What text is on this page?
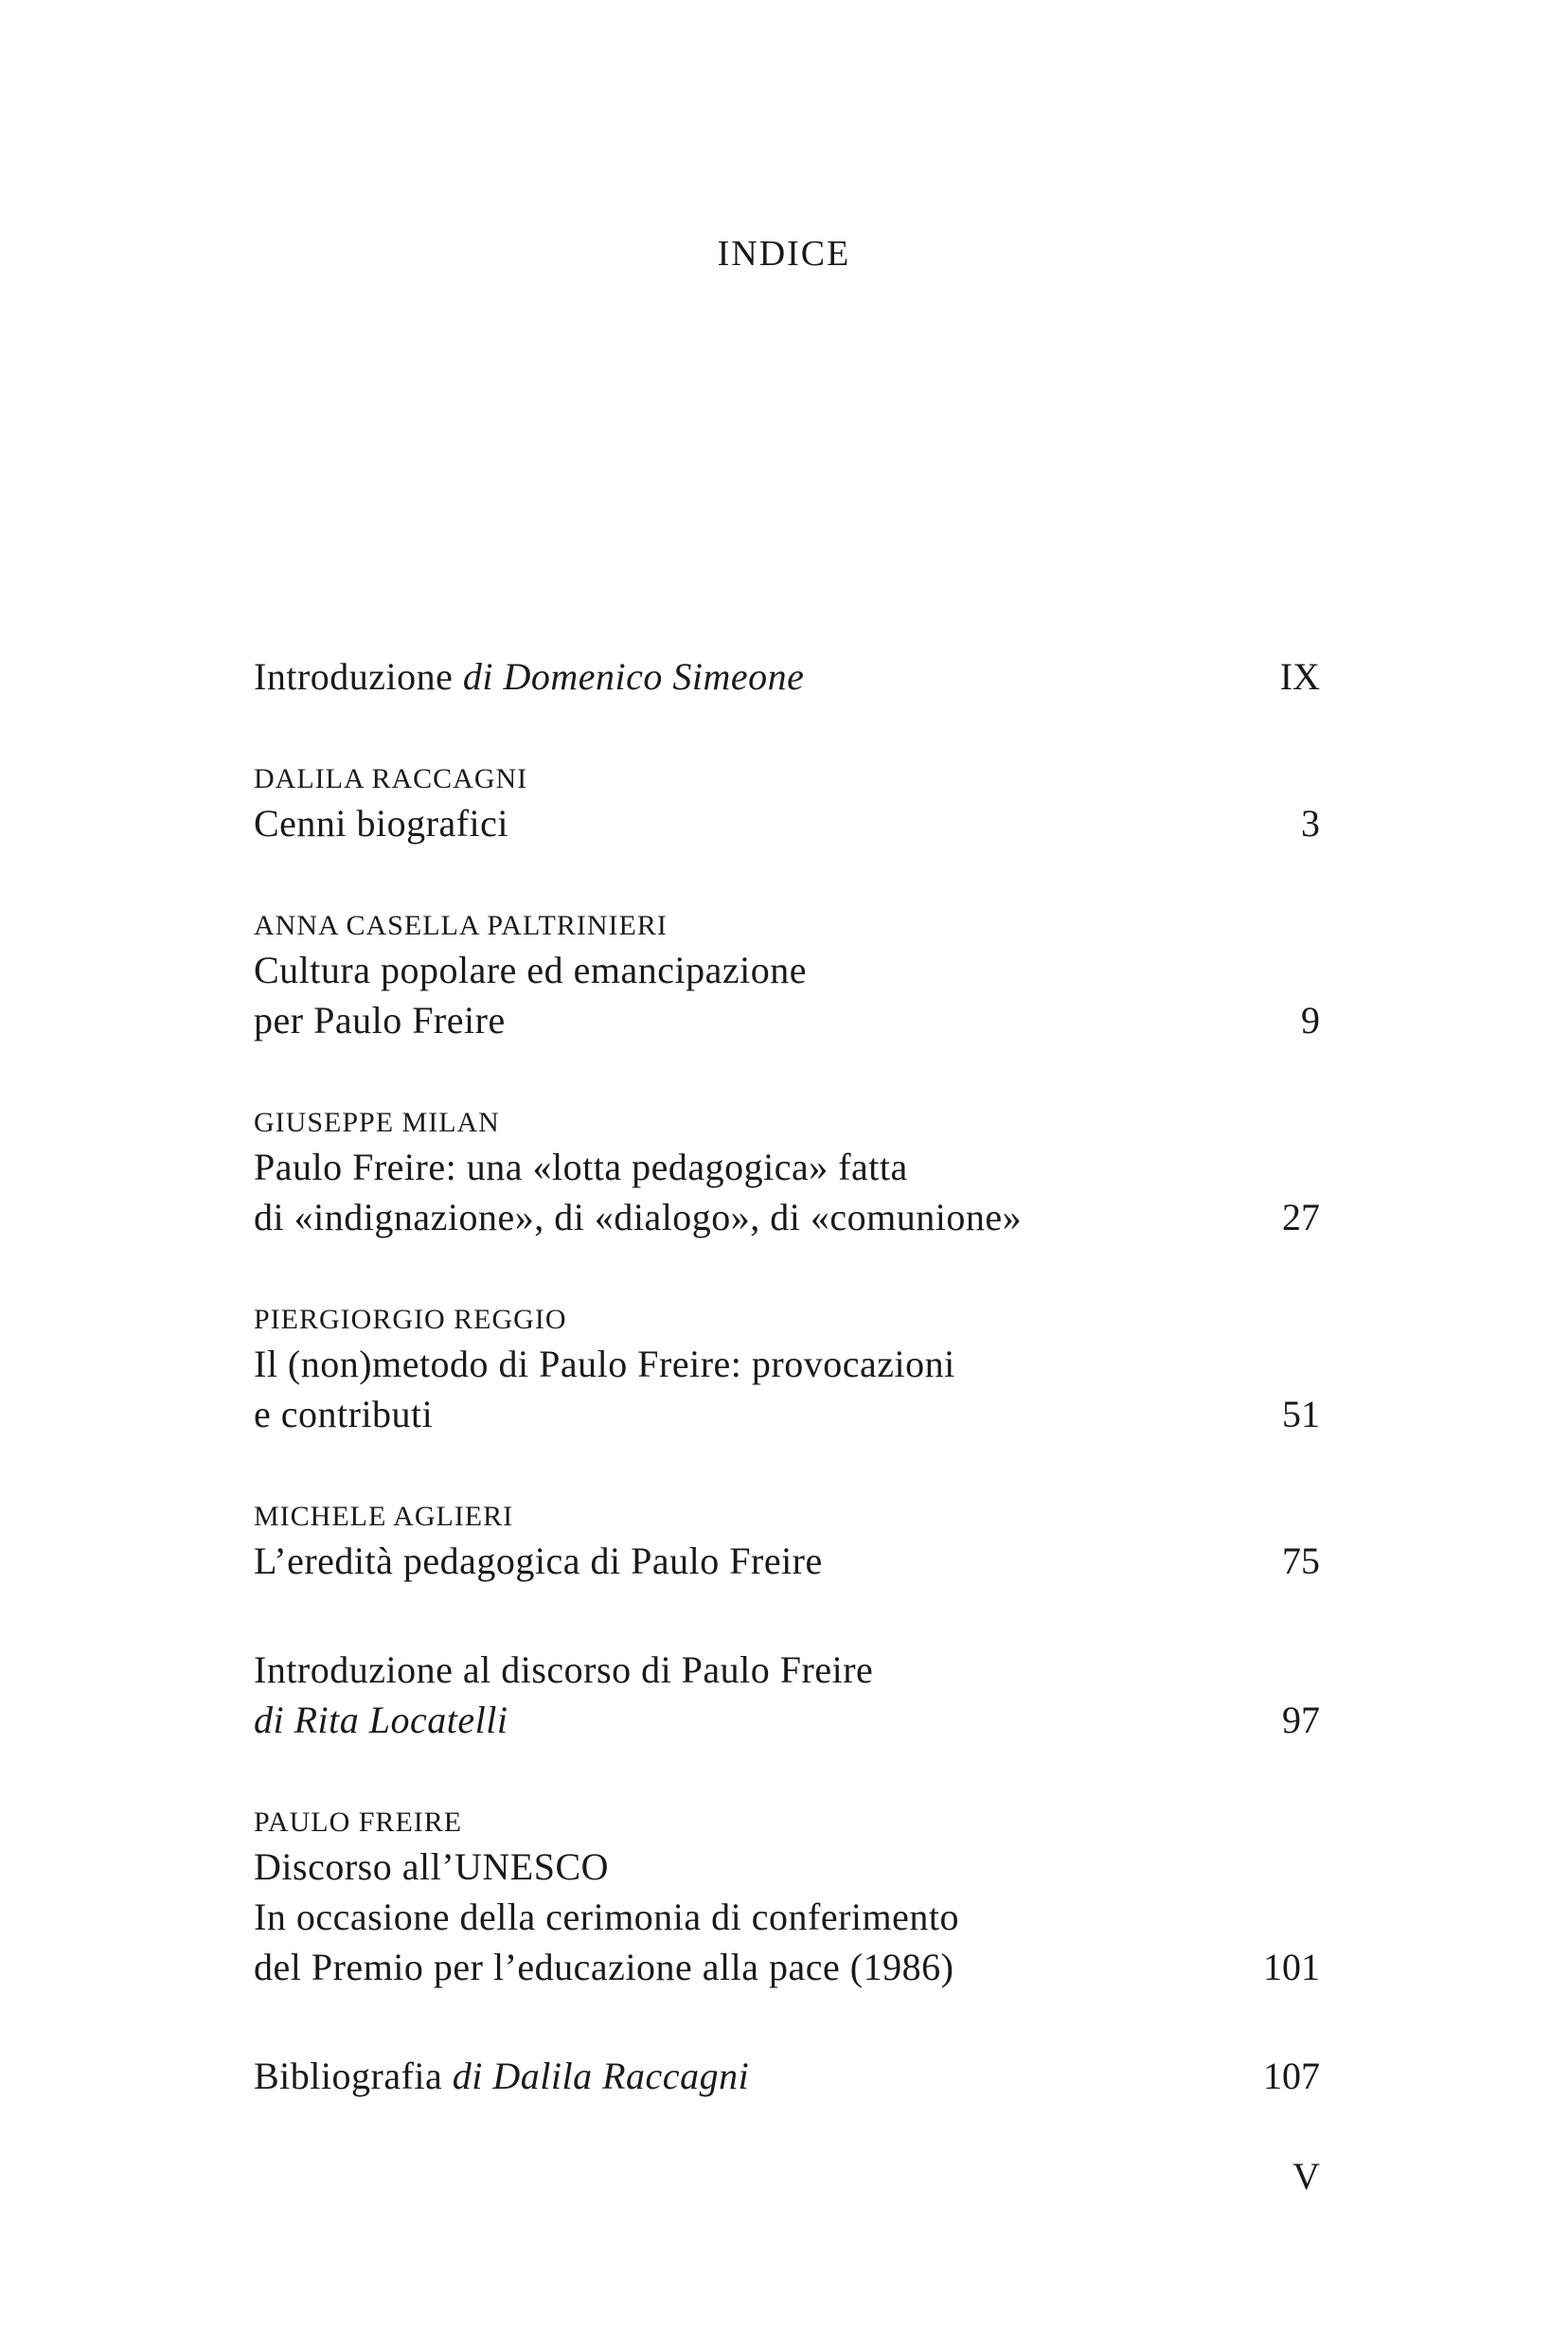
INDICE
Introduzione di Domenico Simeone	IX
DALILA RACCAGNI
Cenni biografici	3
ANNA CASELLA PALTRINIERI
Cultura popolare ed emancipazione
per Paulo Freire	9
GIUSEPPE MILAN
Paulo Freire: una «lotta pedagogica» fatta
di «indignazione», di «dialogo», di «comunione»	27
PIERGIORGIO REGGIO
Il (non)metodo di Paulo Freire: provocazioni
e contributi	51
MICHELE AGLIERI
L’eredità pedagogica di Paulo Freire	75
Introduzione al discorso di Paulo Freire
di Rita Locatelli	97
PAULO FREIRE
Discorso all’UNESCO
In occasione della cerimonia di conferimento
del Premio per l’educazione alla pace (1986)	101
Bibliografia di Dalila Raccagni	107
V
